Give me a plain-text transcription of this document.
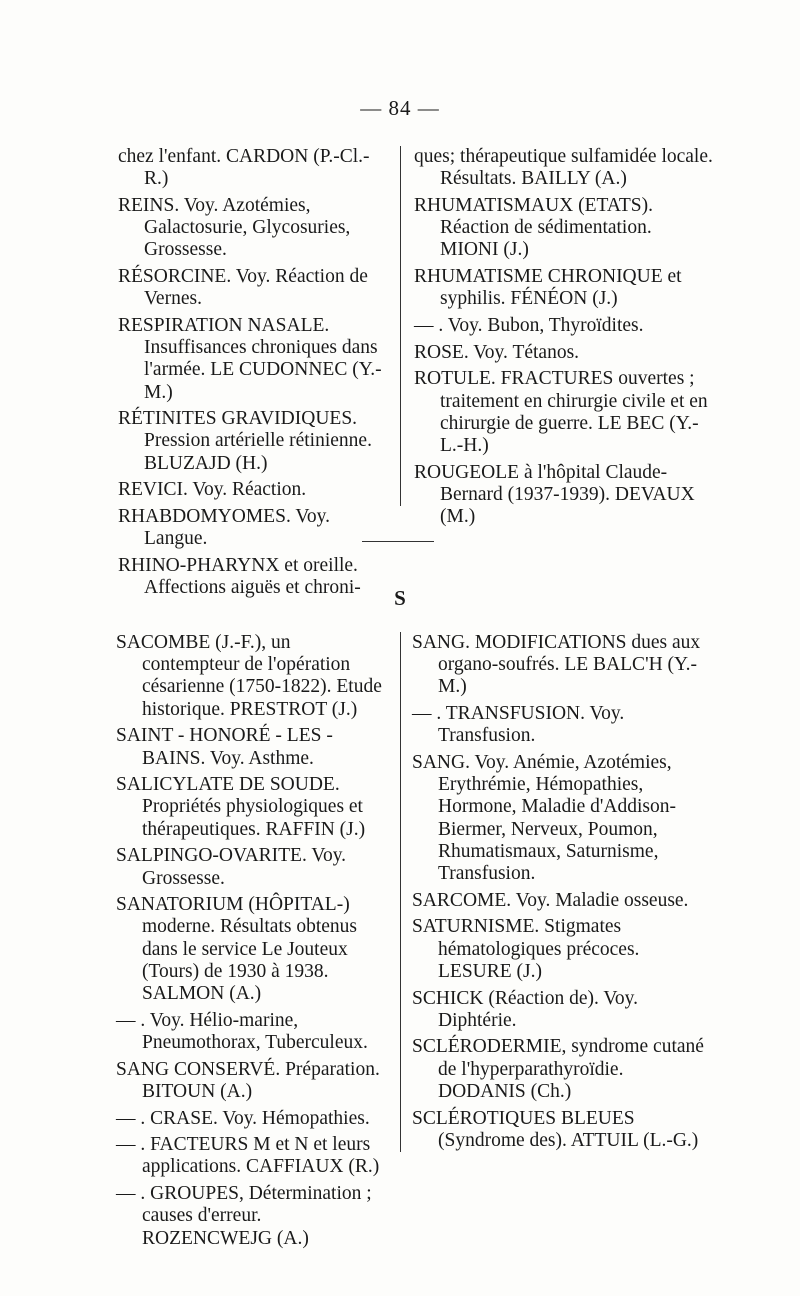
— 84 —
chez l'enfant. CARDON (P.-Cl.-R.)
REINS. Voy. Azotémies, Galactosurie, Glycosuries, Grossesse.
RÉSORCINE. Voy. Réaction de Vernes.
RESPIRATION NASALE. Insuffisances chroniques dans l'armée. LE CUDONNEC (Y.-M.)
RÉTINITES GRAVIDIQUES. Pression artérielle rétinienne. BLUZAJD (H.)
REVICI. Voy. Réaction.
RHABDOMYOMES. Voy. Langue.
RHINO-PHARYNX et oreille. Affections aiguës et chroni-
ques; thérapeutique sulfamidée locale. Résultats. BAILLY (A.)
RHUMATISMAUX (ETATS). Réaction de sédimentation. MIONI (J.)
RHUMATISME CHRONIQUE et syphilis. FÉNÉON (J.)
— . Voy. Bubon, Thyroïdites.
ROSE. Voy. Tétanos.
ROTULE. FRACTURES ouvertes ; traitement en chirurgie civile et en chirurgie de guerre. LE BEC (Y.-L.-H.)
ROUGEOLE à l'hôpital Claude-Bernard (1937-1939). DEVAUX (M.)
S
SACOMBE (J.-F.), un contempteur de l'opération césarienne (1750-1822). Etude historique. PRESTROT (J.)
SAINT - HONORÉ - LES - BAINS. Voy. Asthme.
SALICYLATE DE SOUDE. Propriétés physiologiques et thérapeutiques. RAFFIN (J.)
SALPINGO-OVARITE. Voy. Grossesse.
SANATORIUM (HÔPITAL-) moderne. Résultats obtenus dans le service Le Jouteux (Tours) de 1930 à 1938. SALMON (A.)
— . Voy. Hélio-marine, Pneumothorax, Tuberculeux.
SANG CONSERVÉ. Préparation. BITOUN (A.)
— . CRASE. Voy. Hémopathies.
— . FACTEURS M et N et leurs applications. CAFFIAUX (R.)
— . GROUPES, Détermination ; causes d'erreur. ROZENCWEJG (A.)
SANG. MODIFICATIONS dues aux organo-soufrés. LE BALC'H (Y.-M.)
— . TRANSFUSION. Voy. Transfusion.
SANG. Voy. Anémie, Azotémies, Erythrémie, Hémopathies, Hormone, Maladie d'Addison-Biermer, Nerveux, Poumon, Rhumatismaux, Saturnisme, Transfusion.
SARCOME. Voy. Maladie osseuse.
SATURNISME. Stigmates hématologiques précoces. LESURE (J.)
SCHICK (Réaction de). Voy. Diphtérie.
SCLÉRODERMIE, syndrome cutané de l'hyperparathyroïdie. DODANIS (Ch.)
SCLÉROTIQUES BLEUES (Syndrome des). ATTUIL (L.-G.)
